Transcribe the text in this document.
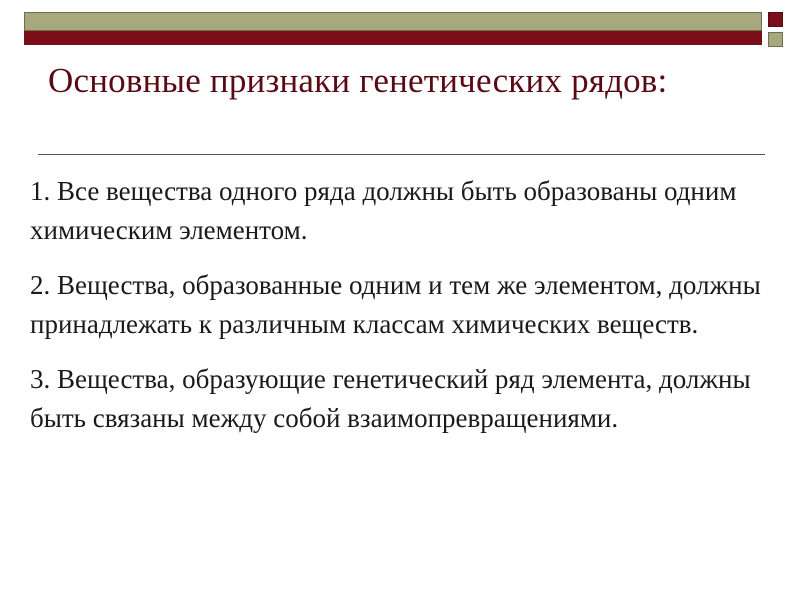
Основные признаки генетических рядов:

1. Все вещества одного ряда должны быть образованы одним химическим элементом.

2. Вещества, образованные одним и тем же элементом, должны принадлежать к различным классам химических веществ.

3. Вещества, образующие генетический ряд элемента, должны быть связаны между собой взаимопревращениями.
